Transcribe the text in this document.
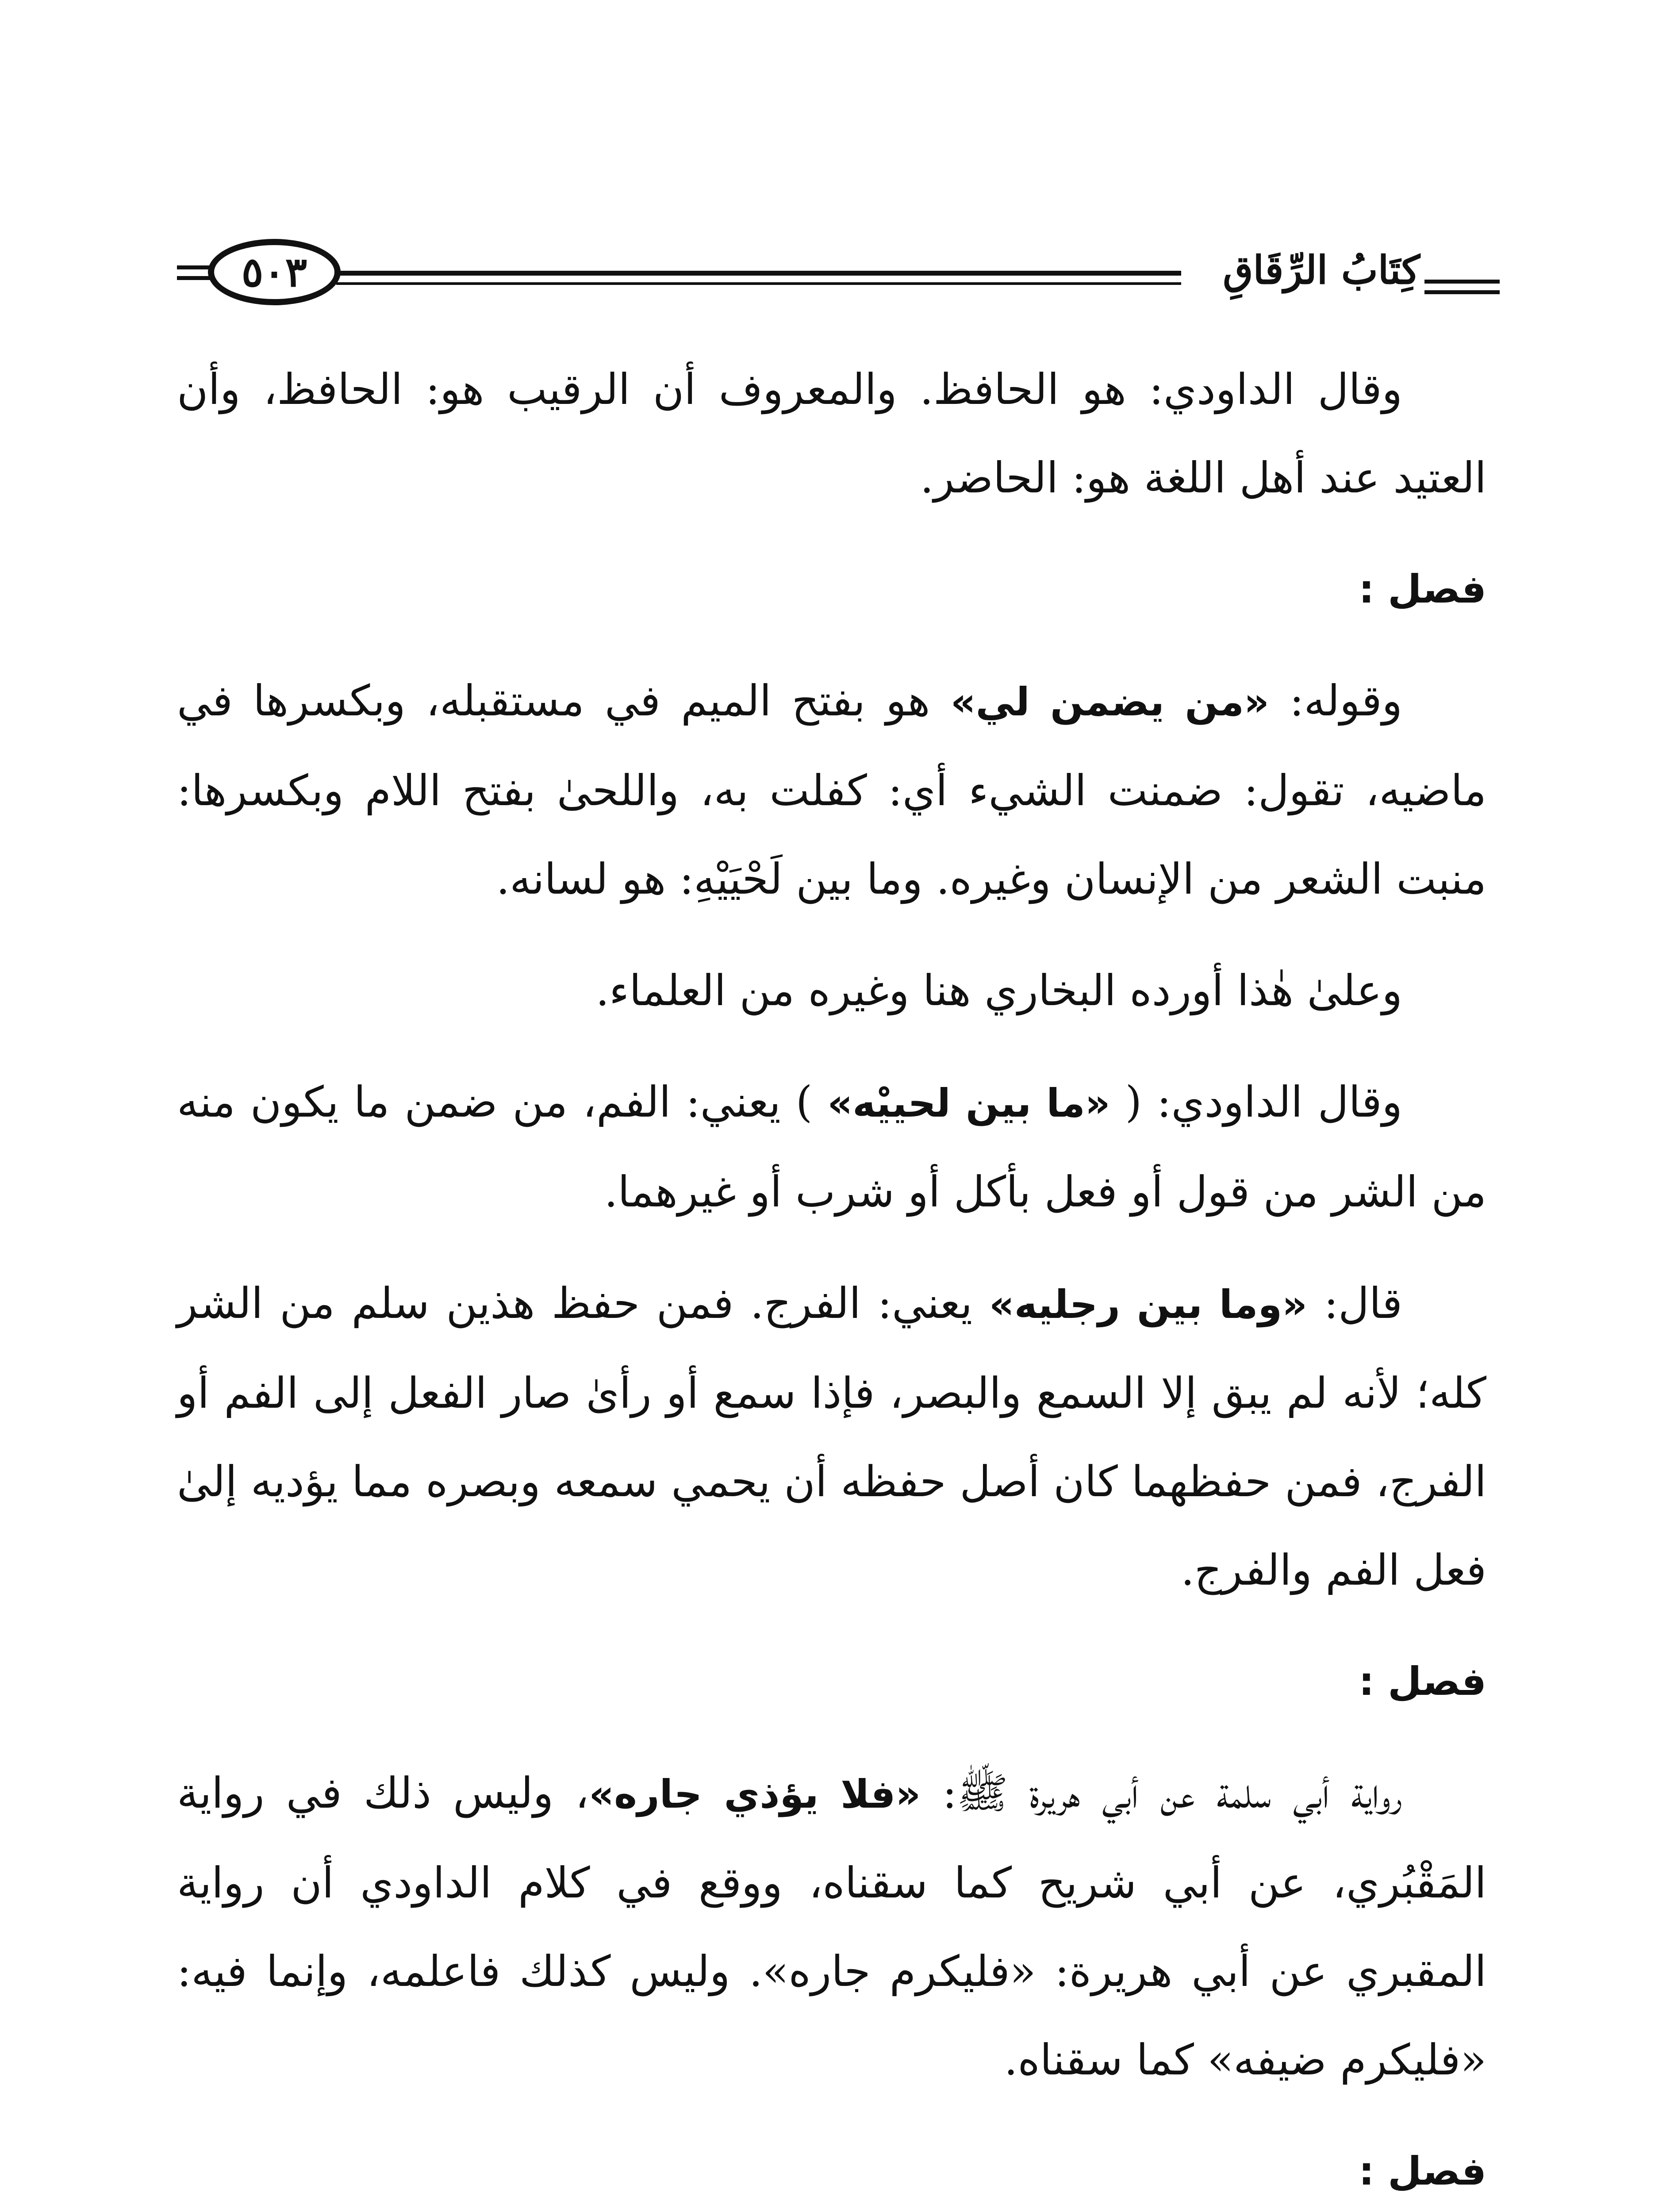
كِتَابُ الرِّقَاقِ
٥٠٣

وقال الداودي: هو الحافظ. والمعروف أن الرقيب هو: الحافظ، وأن العتيد عند أهل اللغة هو: الحاضر.

فصل :

وقوله: «من يضمن لي» هو بفتح الميم في مستقبله، وبكسرها في ماضيه، تقول: ضمنت الشيء أي: كفلت به، واللحىٰ بفتح اللام وبكسرها: منبت الشعر من الإنسان وغيره. وما بين لَحْيَيْهِ: هو لسانه.

وعلىٰ هٰذا أورده البخاري هنا وغيره من العلماء.

وقال الداودي: ( «ما بين لحييْه» ) يعني: الفم، من ضمن ما يكون منه من الشر من قول أو فعل بأكل أو شرب أو غيرهما.

قال: «وما بين رجليه» يعني: الفرج. فمن حفظ هذين سلم من الشر كله؛ لأنه لم يبق إلا السمع والبصر، فإذا سمع أو رأىٰ صار الفعل إلى الفم أو الفرج، فمن حفظهما كان أصل حفظه أن يحمي سمعه وبصره مما يؤديه إلىٰ فعل الفم والفرج.

فصل :

رواية أبي سلمة عن أبي هريرة ﷺ: «فلا يؤذي جاره»، وليس ذلك في رواية المَقْبُري، عن أبي شريح كما سقناه، ووقع في كلام الداودي أن رواية المقبري عن أبي هريرة: «فليكرم جاره». وليس كذلك فاعلمه، وإنما فيه: «فليكرم ضيفه» كما سقناه.

فصل :
